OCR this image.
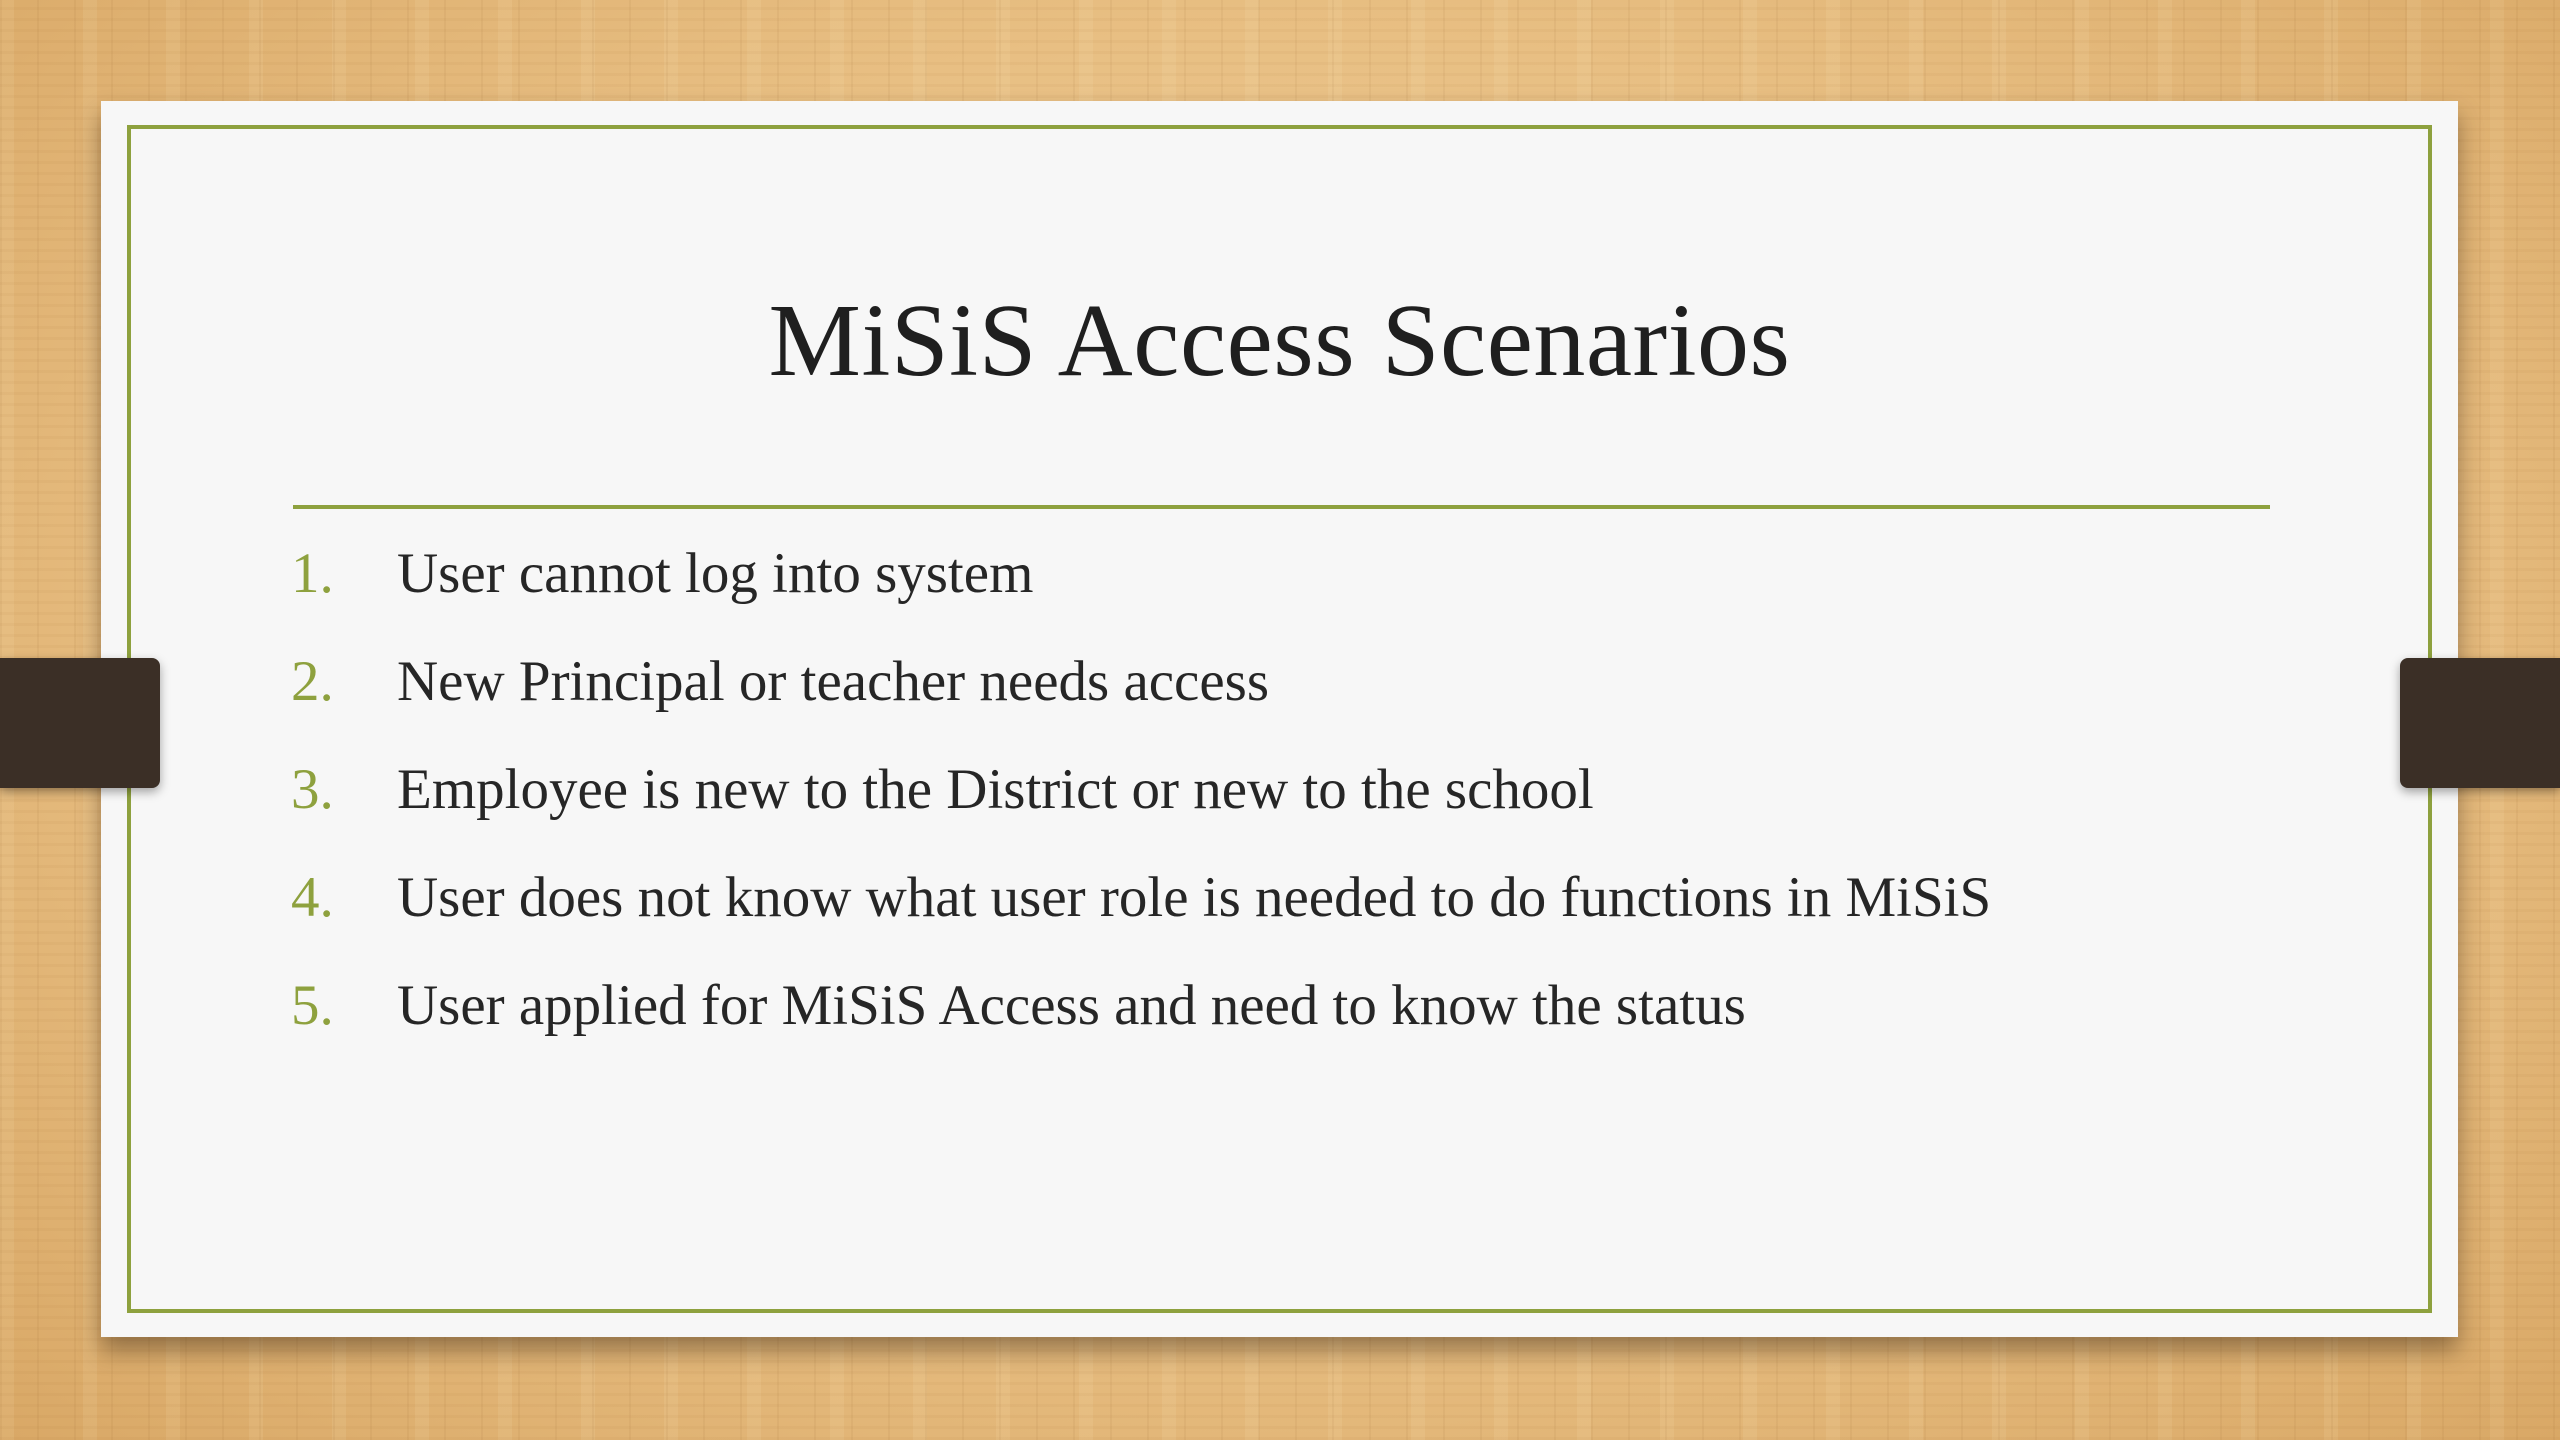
MiSiS Access Scenarios
1.	User cannot log into system
2.	New Principal or teacher needs access
3.	Employee is new to the District or new to the school
4.	User does not know what user role is needed to do functions in MiSiS
5.	User applied for MiSiS Access and need to know the status
